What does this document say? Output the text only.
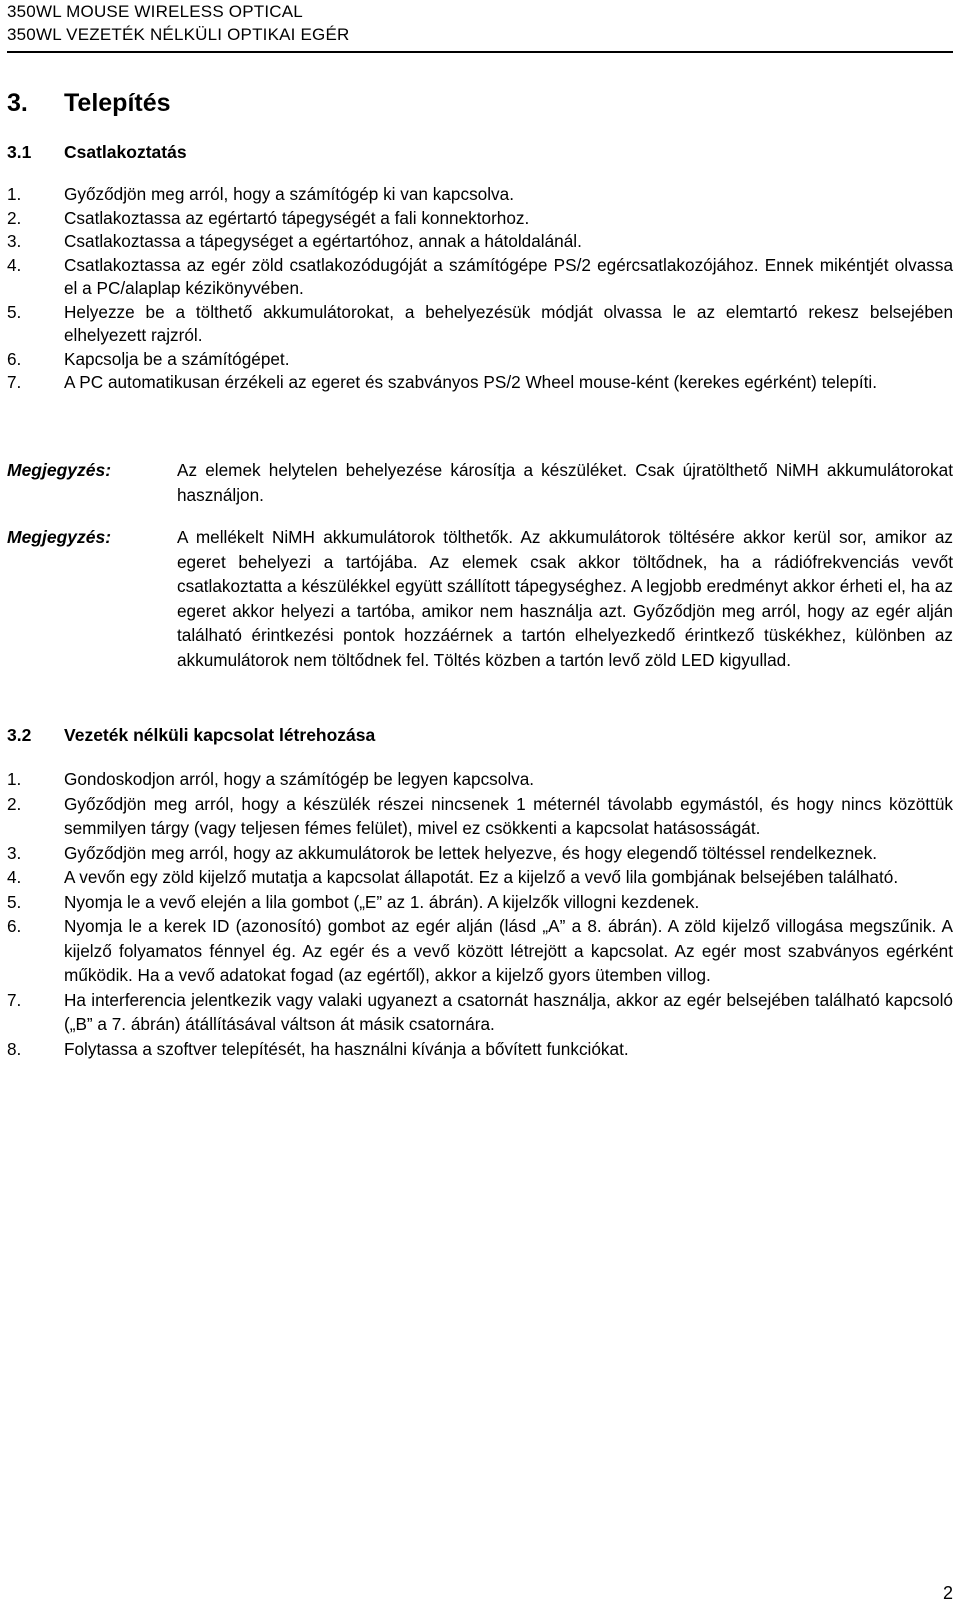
350WL MOUSE WIRELESS OPTICAL
350WL VEZETÉK NÉLKÜLI OPTIKAI EGÉR
3. Telepítés
3.1 Csatlakoztatás
1. Győződjön meg arról, hogy a számítógép ki van kapcsolva.
2. Csatlakoztassa az egértartó tápegységét a fali konnektorhoz.
3. Csatlakoztassa a tápegységet a egértartóhoz, annak a hátoldalánál.
4. Csatlakoztassa az egér zöld csatlakozódugóját a számítógépe PS/2 egércsatlakozójához. Ennek mikéntjét olvassa el a PC/alaplap kézikönyvében.
5. Helyezze be a tölthető akkumulátorokat, a behelyezésük módját olvassa le az elemtartó rekesz belsejében elhelyezett rajzról.
6. Kapcsolja be a számítógépet.
7. A PC automatikusan érzékeli az egeret és szabványos PS/2 Wheel mouse-ként (kerekes egérként) telepíti.
Megjegyzés:	Az elemek helytelen behelyezése károsítja a készüléket. Csak újratölthető NiMH akkumulátorokat használjon.
Megjegyzés:	A mellékelt NiMH akkumulátorok tölthetők. Az akkumulátorok töltésére akkor kerül sor, amikor az egeret behelyezi a tartójába. Az elemek csak akkor töltődnek, ha a rádiófrekvenciás vevőt csatlakoztatta a készülékkel együtt szállított tápegységhez. A legjobb eredményt akkor érheti el, ha az egeret akkor helyezi a tartóba, amikor nem használja azt. Győződjön meg arról, hogy az egér alján található érintkezési pontok hozzáérnek a tartón elhelyezkedő érintkező tüskékhez, különben az akkumulátorok nem töltődnek fel. Töltés közben a tartón levő zöld LED kigyullad.
3.2 Vezeték nélküli kapcsolat létrehozása
1. Gondoskodjon arról, hogy a számítógép be legyen kapcsolva.
2. Győződjön meg arról, hogy a készülék részei nincsenek 1 méternél távolabb egymástól, és hogy nincs közöttük semmilyen tárgy (vagy teljesen fémes felület), mivel ez csökkenti a kapcsolat hatásosságát.
3. Győződjön meg arról, hogy az akkumulátorok be lettek helyezve, és hogy elegendő töltéssel rendelkeznek.
4. A vevőn egy zöld kijelző mutatja a kapcsolat állapotát. Ez a kijelző a vevő lila gombjának belsejében található.
5. Nyomja le a vevő elején a lila gombot („E” az 1. ábrán). A kijelzők villogni kezdenek.
6. Nyomja le a kerek ID (azonosító) gombot az egér alján (lásd „A” a 8. ábrán). A zöld kijelző villogása megszűnik. A kijelző folyamatos fénnyel ég. Az egér és a vevő között létrejött a kapcsolat. Az egér most szabványos egérként működik. Ha a vevő adatokat fogad (az egértől), akkor a kijelző gyors ütemben villog.
7. Ha interferencia jelentkezik vagy valaki ugyanezt a csatornát használja, akkor az egér belsejében található kapcsoló („B” a 7. ábrán) átállításával váltson át másik csatornára.
8. Folytassa a szoftver telepítését, ha használni kívánja a bővített funkciókat.
2
